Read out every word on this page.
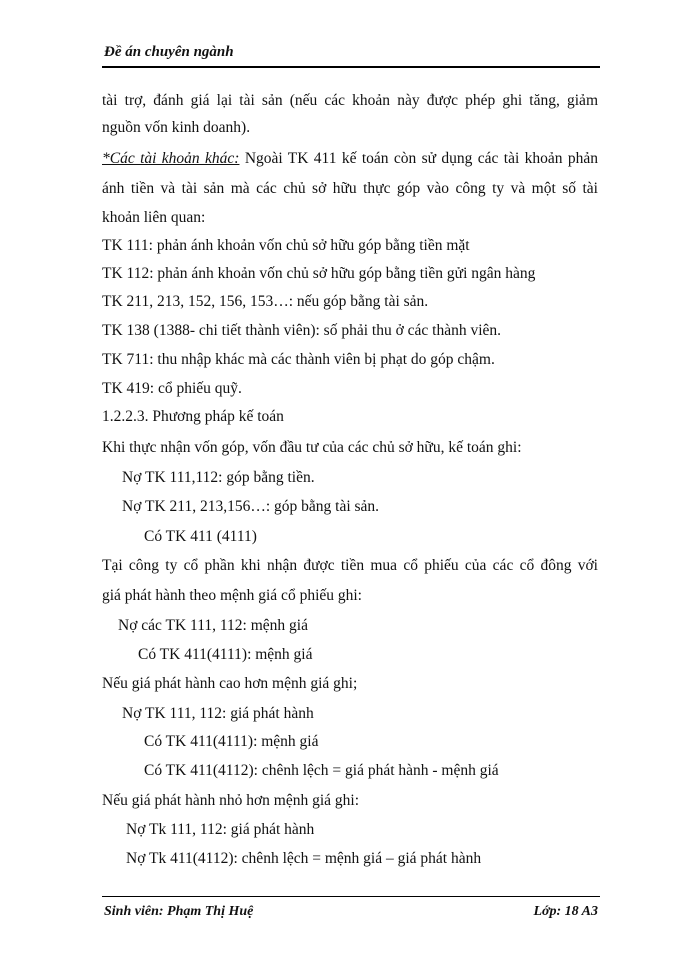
Đề án chuyên ngành
tài trợ, đánh giá lại tài sản (nếu các khoản này được phép ghi tăng, giảm
nguồn vốn kinh doanh).
*Các tài khoản khác: Ngoài TK 411 kế toán còn sử dụng các tài khoản phản
ánh tiền và tài sản mà các chủ sở hữu thực góp vào công ty và một số tài
khoản liên quan:
TK 111: phản ánh khoản vốn chủ sở hữu góp bằng tiền mặt
TK 112: phản ánh khoản vốn chủ sở hữu góp bằng tiền gửi ngân hàng
TK 211, 213, 152, 156, 153…: nếu góp bằng tài sản.
TK 138 (1388- chi tiết thành viên): số phải thu ở các thành viên.
TK 711: thu nhập khác mà các thành viên bị phạt do góp chậm.
TK 419: cổ phiếu quỹ.
1.2.2.3. Phương pháp kế toán
Khi thực nhận vốn góp, vốn đầu tư của các chủ sở hữu, kế toán ghi:
Nợ TK 111,112: góp bằng tiền.
Nợ TK 211, 213,156…: góp bằng tài sản.
Có TK 411 (4111)
Tại công ty cổ phần khi nhận được tiền mua cổ phiếu của các cổ đông với
giá phát hành theo mệnh giá cổ phiếu ghi:
Nợ các TK 111, 112: mệnh giá
Có TK 411(4111): mệnh giá
Nếu giá phát hành cao hơn mệnh giá ghi;
Nợ TK 111, 112: giá phát hành
Có TK 411(4111): mệnh giá
Có TK 411(4112): chênh lệch = giá phát hành - mệnh giá
Nếu giá phát hành nhỏ hơn mệnh giá ghi:
Nợ Tk 111, 112: giá phát hành
Nợ Tk 411(4112): chênh lệch = mệnh giá – giá phát hành
Sinh viên: Phạm Thị Huệ	Lớp: 18 A3
